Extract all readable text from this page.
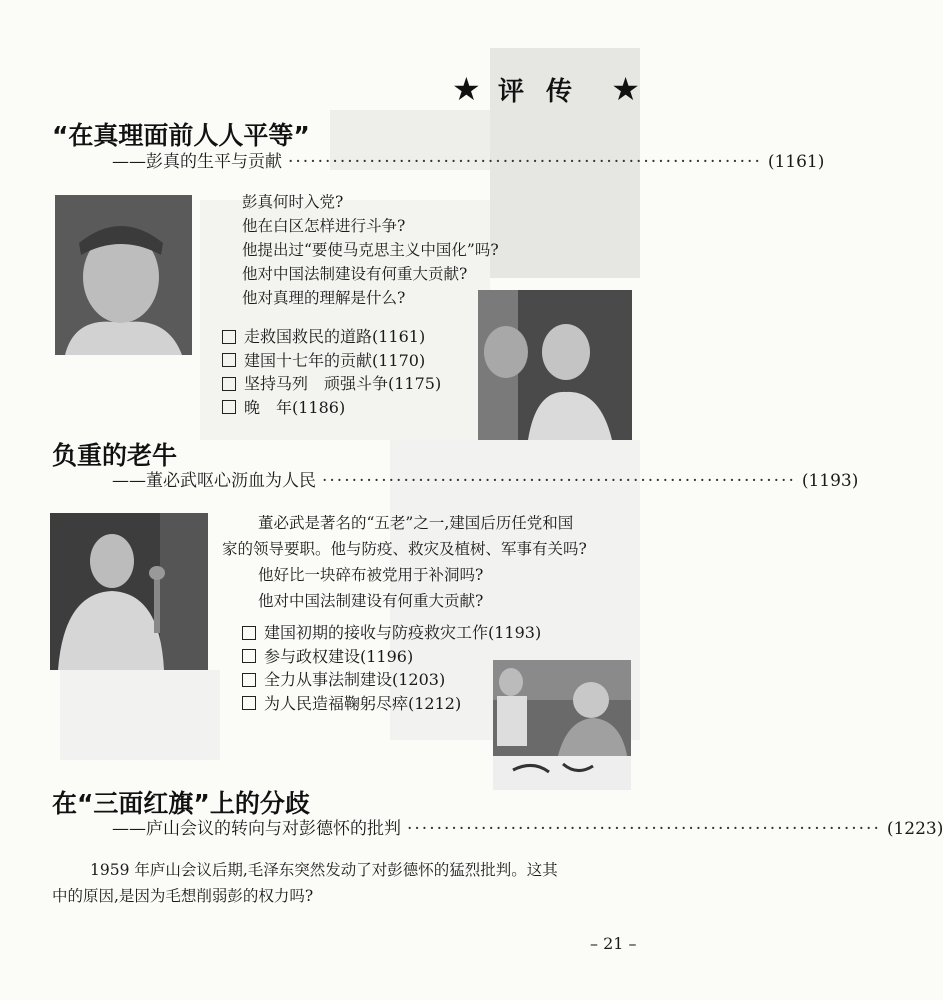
★ 评传 ★
“在真理面前人人平等”
—— 彭真的生平与贡献 ································································ (1161)
彭真何时入党?
他在白区怎样进行斗争?
他提出过“要使马克思主义中国化”吗?
他对中国法制建设有何重大贡献?
他对真理的理解是什么?
走救国救民的道路(1161)
建国十七年的贡献(1170)
坚持马列　顽强斗争(1175)
晚　年(1186)
负重的老牛
—— 董必武呕心沥血为人民 ································································ (1193)
董必武是著名的“五老”之一,建国后历任党和国
家的领导要职。他与防疫、救灾及植树、军事有关吗?
他好比一块碎布被党用于补洞吗?
他对中国法制建设有何重大贡献?
建国初期的接收与防疫救灾工作(1193)
参与政权建设(1196)
全力从事法制建设(1203)
为人民造福鞠躬尽瘁(1212)
在“三面红旗”上的分歧
—— 庐山会议的转向与对彭德怀的批判 ································································ (1223)
1959 年庐山会议后期,毛泽东突然发动了对彭德怀的猛烈批判。这其
中的原因,是因为毛想削弱彭的权力吗?
– 21 –
